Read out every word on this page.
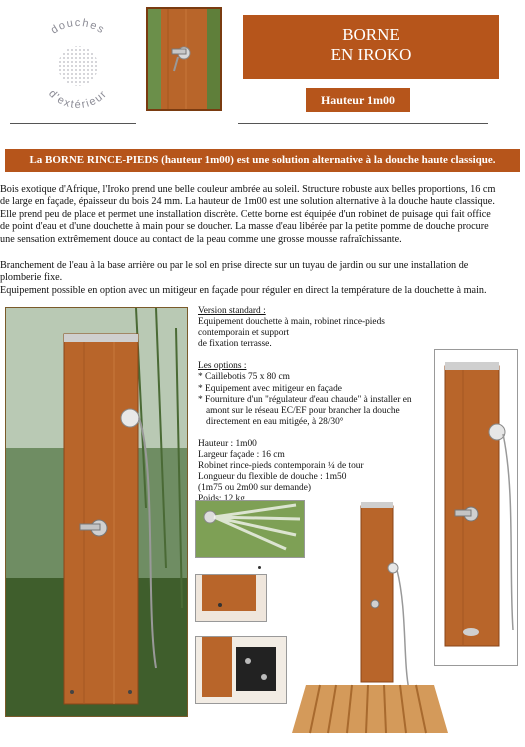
douches
d'extérieur
BORNE
EN IROKO
Hauteur 1m00
La BORNE RINCE-PIEDS (hauteur 1m00) est une solution alternative à la douche haute classique.
Bois exotique d'Afrique, l'Iroko prend une belle couleur ambrée au soleil. Structure robuste aux belles proportions, 16 cm
de large en façade, épaisseur du bois 24 mm. La hauteur de 1m00 est une solution alternative à la douche haute classique.
Elle prend peu de place et permet une installation discrète. Cette borne est équipée d'un robinet de puisage qui fait office
de point d'eau et d'une douchette à main pour se doucher. La masse d'eau libérée par la petite pomme de douche procure
une sensation extrêmement douce au contact de la peau comme une grosse mousse rafraîchissante.
Branchement de l'eau à la base arrière ou par le sol en prise directe sur un tuyau de jardin ou sur une installation de
plomberie fixe.
Equipement possible en option avec un mitigeur en façade pour réguler en direct la température de la douchette à main.
Version standard :
Equipement douchette à main, robinet rince-pieds contemporain et support
de fixation terrasse.
Les options :
* Caillebotis 75 x 80 cm
* Equipement avec mitigeur en façade
* Fourniture d'un "régulateur d'eau chaude" à installer en
amont sur le réseau EC/EF pour brancher la douche
directement en eau mitigée, à 28/30°
Hauteur : 1m00
Largeur façade : 16 cm
Robinet rince-pieds contemporain ¼ de tour
Longueur du flexible de douche : 1m50
(1m75 ou 2m00 sur demande)
